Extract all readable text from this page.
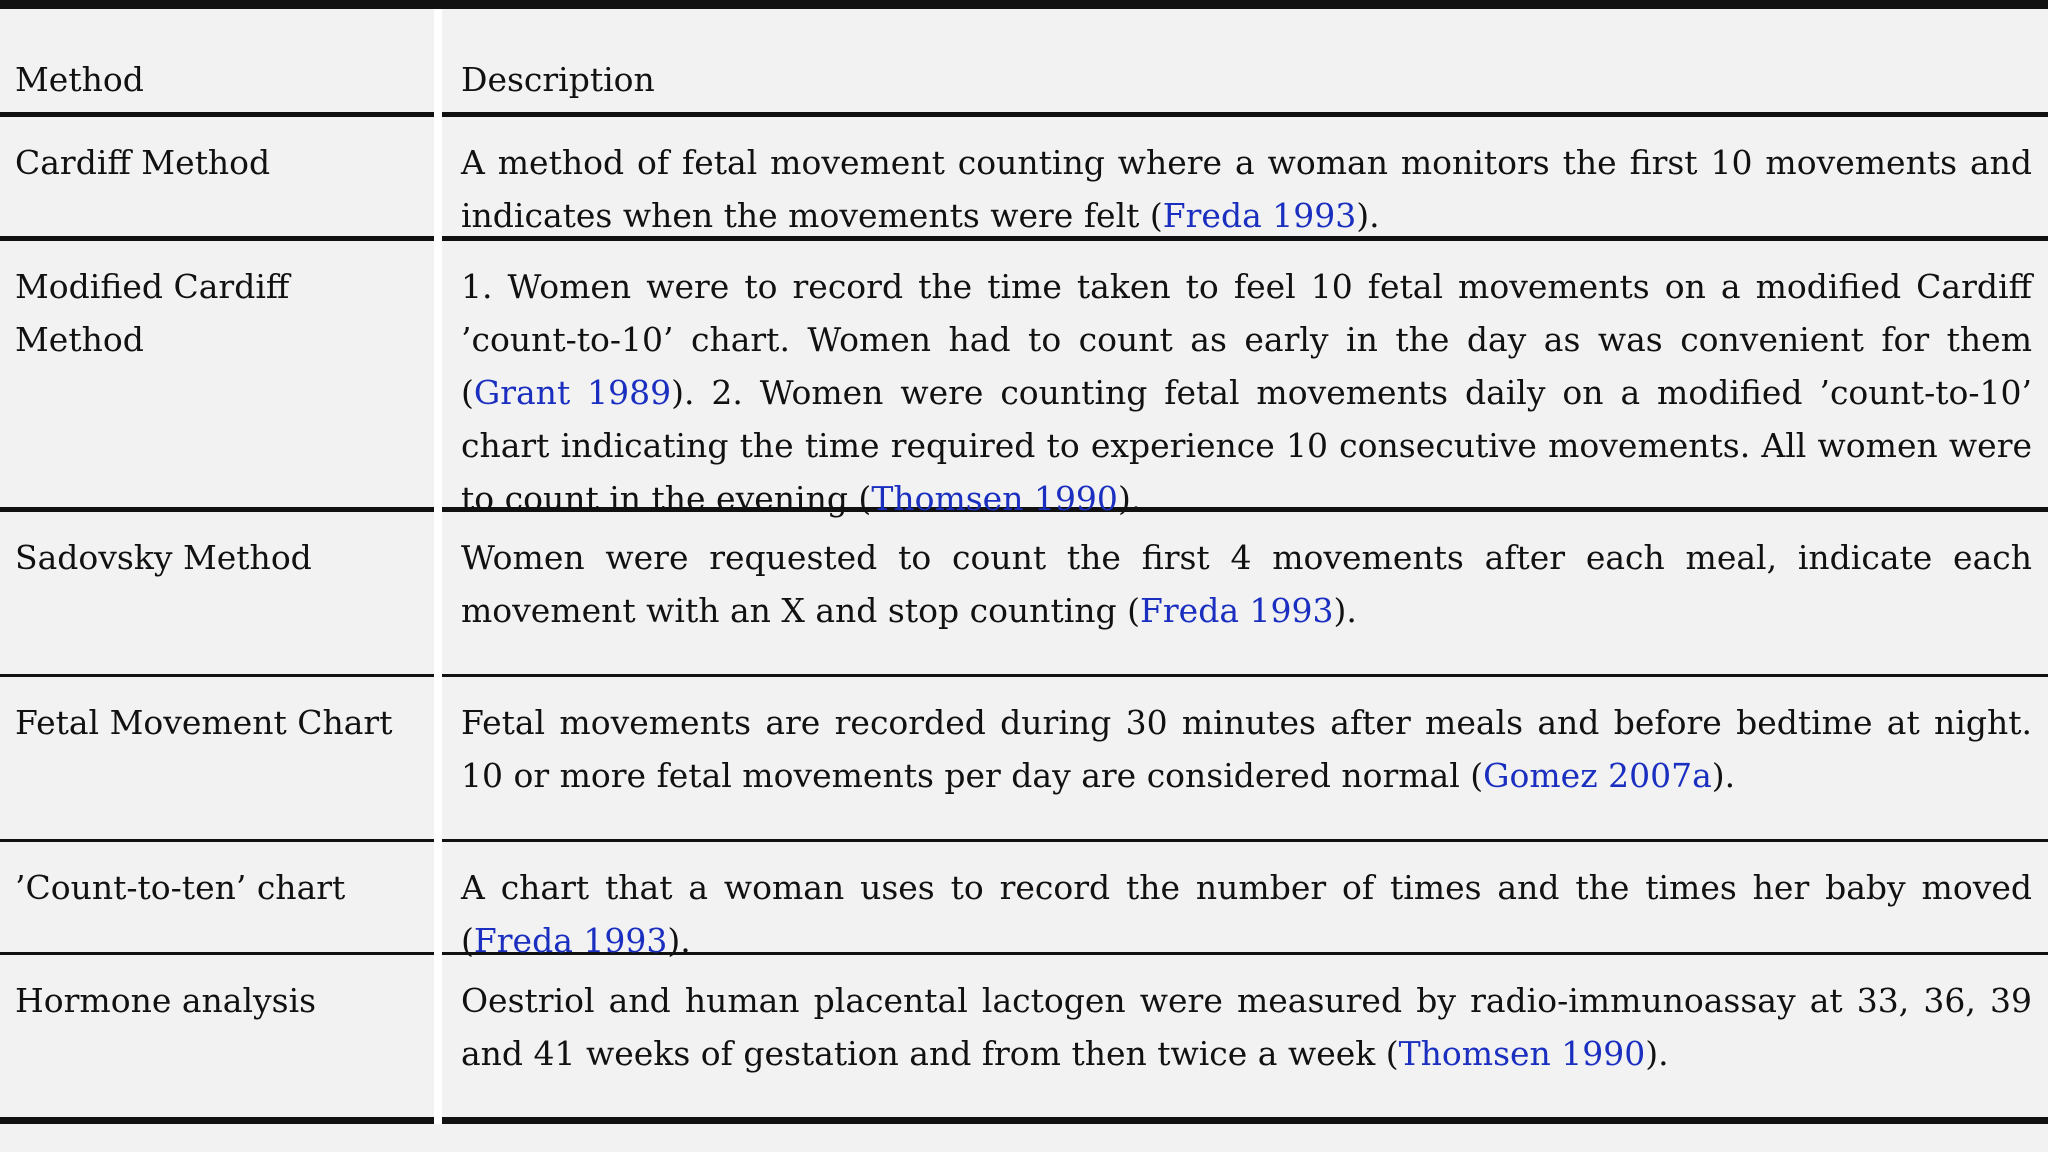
Method	Description

Cardiff Method	A method of fetal movement counting where a woman monitors the first 10 movements and indicates when the movements were felt (Freda 1993).

Modified Cardiff Method	1. Women were to record the time taken to feel 10 fetal movements on a modified Cardiff ’count-to-10’ chart. Women had to count as early in the day as was convenient for them (Grant 1989). 2. Women were counting fetal movements daily on a modified ’count-to-10’ chart indicating the time required to experience 10 consecutive movements. All women were to count in the evening (Thomsen 1990).

Sadovsky Method	Women were requested to count the first 4 movements after each meal, indicate each movement with an X and stop counting (Freda 1993).

Fetal Movement Chart	Fetal movements are recorded during 30 minutes after meals and before bedtime at night. 10 or more fetal movements per day are considered normal (Gomez 2007a).

’Count-to-ten’ chart	A chart that a woman uses to record the number of times and the times her baby moved (Freda 1993).

Hormone analysis	Oestriol and human placental lactogen were measured by radio-immunoassay at 33, 36, 39 and 41 weeks of gestation and from then twice a week (Thomsen 1990).
